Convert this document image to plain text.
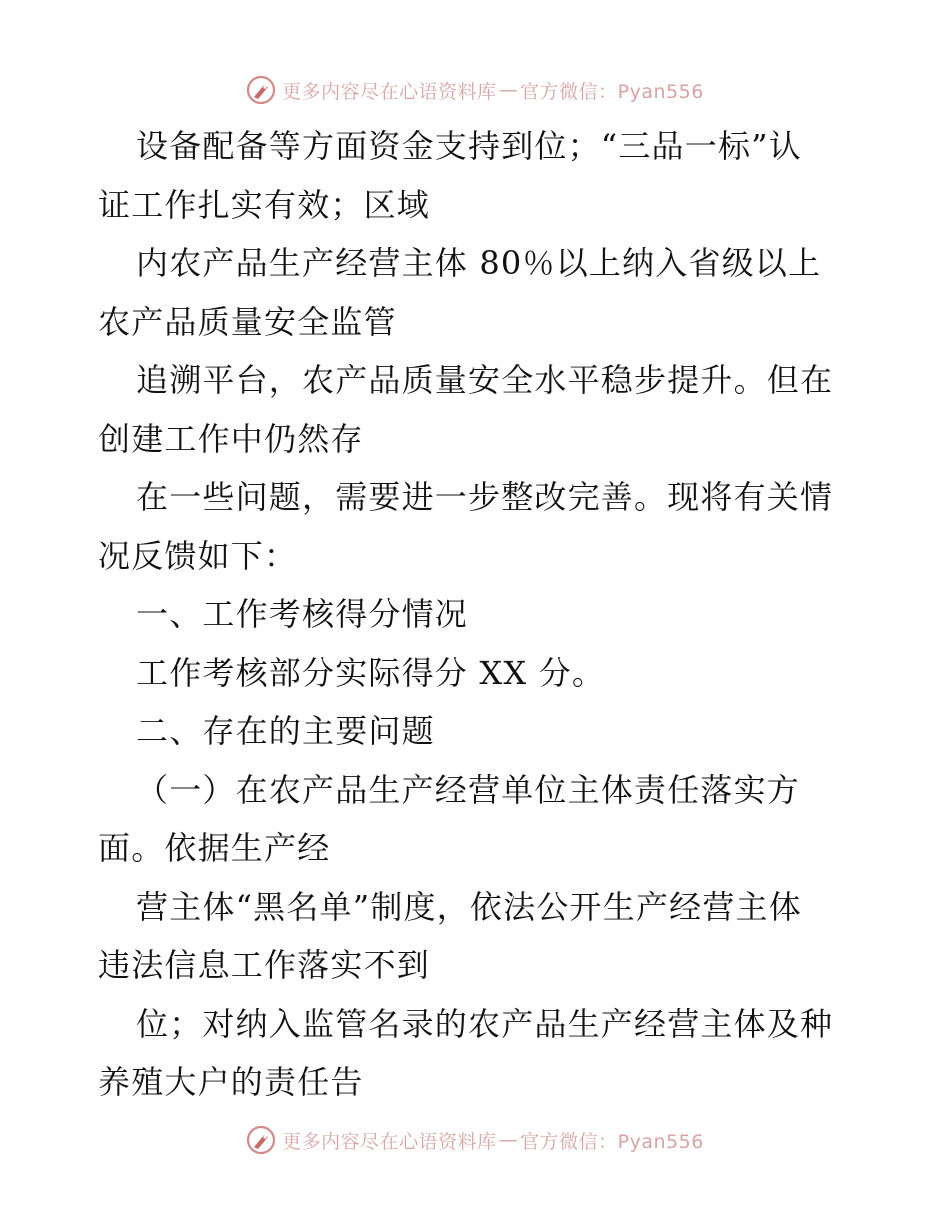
更多内容尽在心语资料库 — 官方微信：Pyan556

设备配备等方面资金支持到位；“三品一标”认
证工作扎实有效；区域

内农产品生产经营主体 80％以上纳入省级以上
农产品质量安全监管

追溯平台，农产品质量安全水平稳步提升。但在
创建工作中仍然存

在一些问题，需要进一步整改完善。现将有关情
况反馈如下：

一、工作考核得分情况

工作考核部分实际得分 XX 分。

二、存在的主要问题

（一）在农产品生产经营单位主体责任落实方
面。依据生产经

营主体“黑名单”制度，依法公开生产经营主体
违法信息工作落实不到

位；对纳入监管名录的农产品生产经营主体及种
养殖大户的责任告

更多内容尽在心语资料库 — 官方微信：Pyan556
